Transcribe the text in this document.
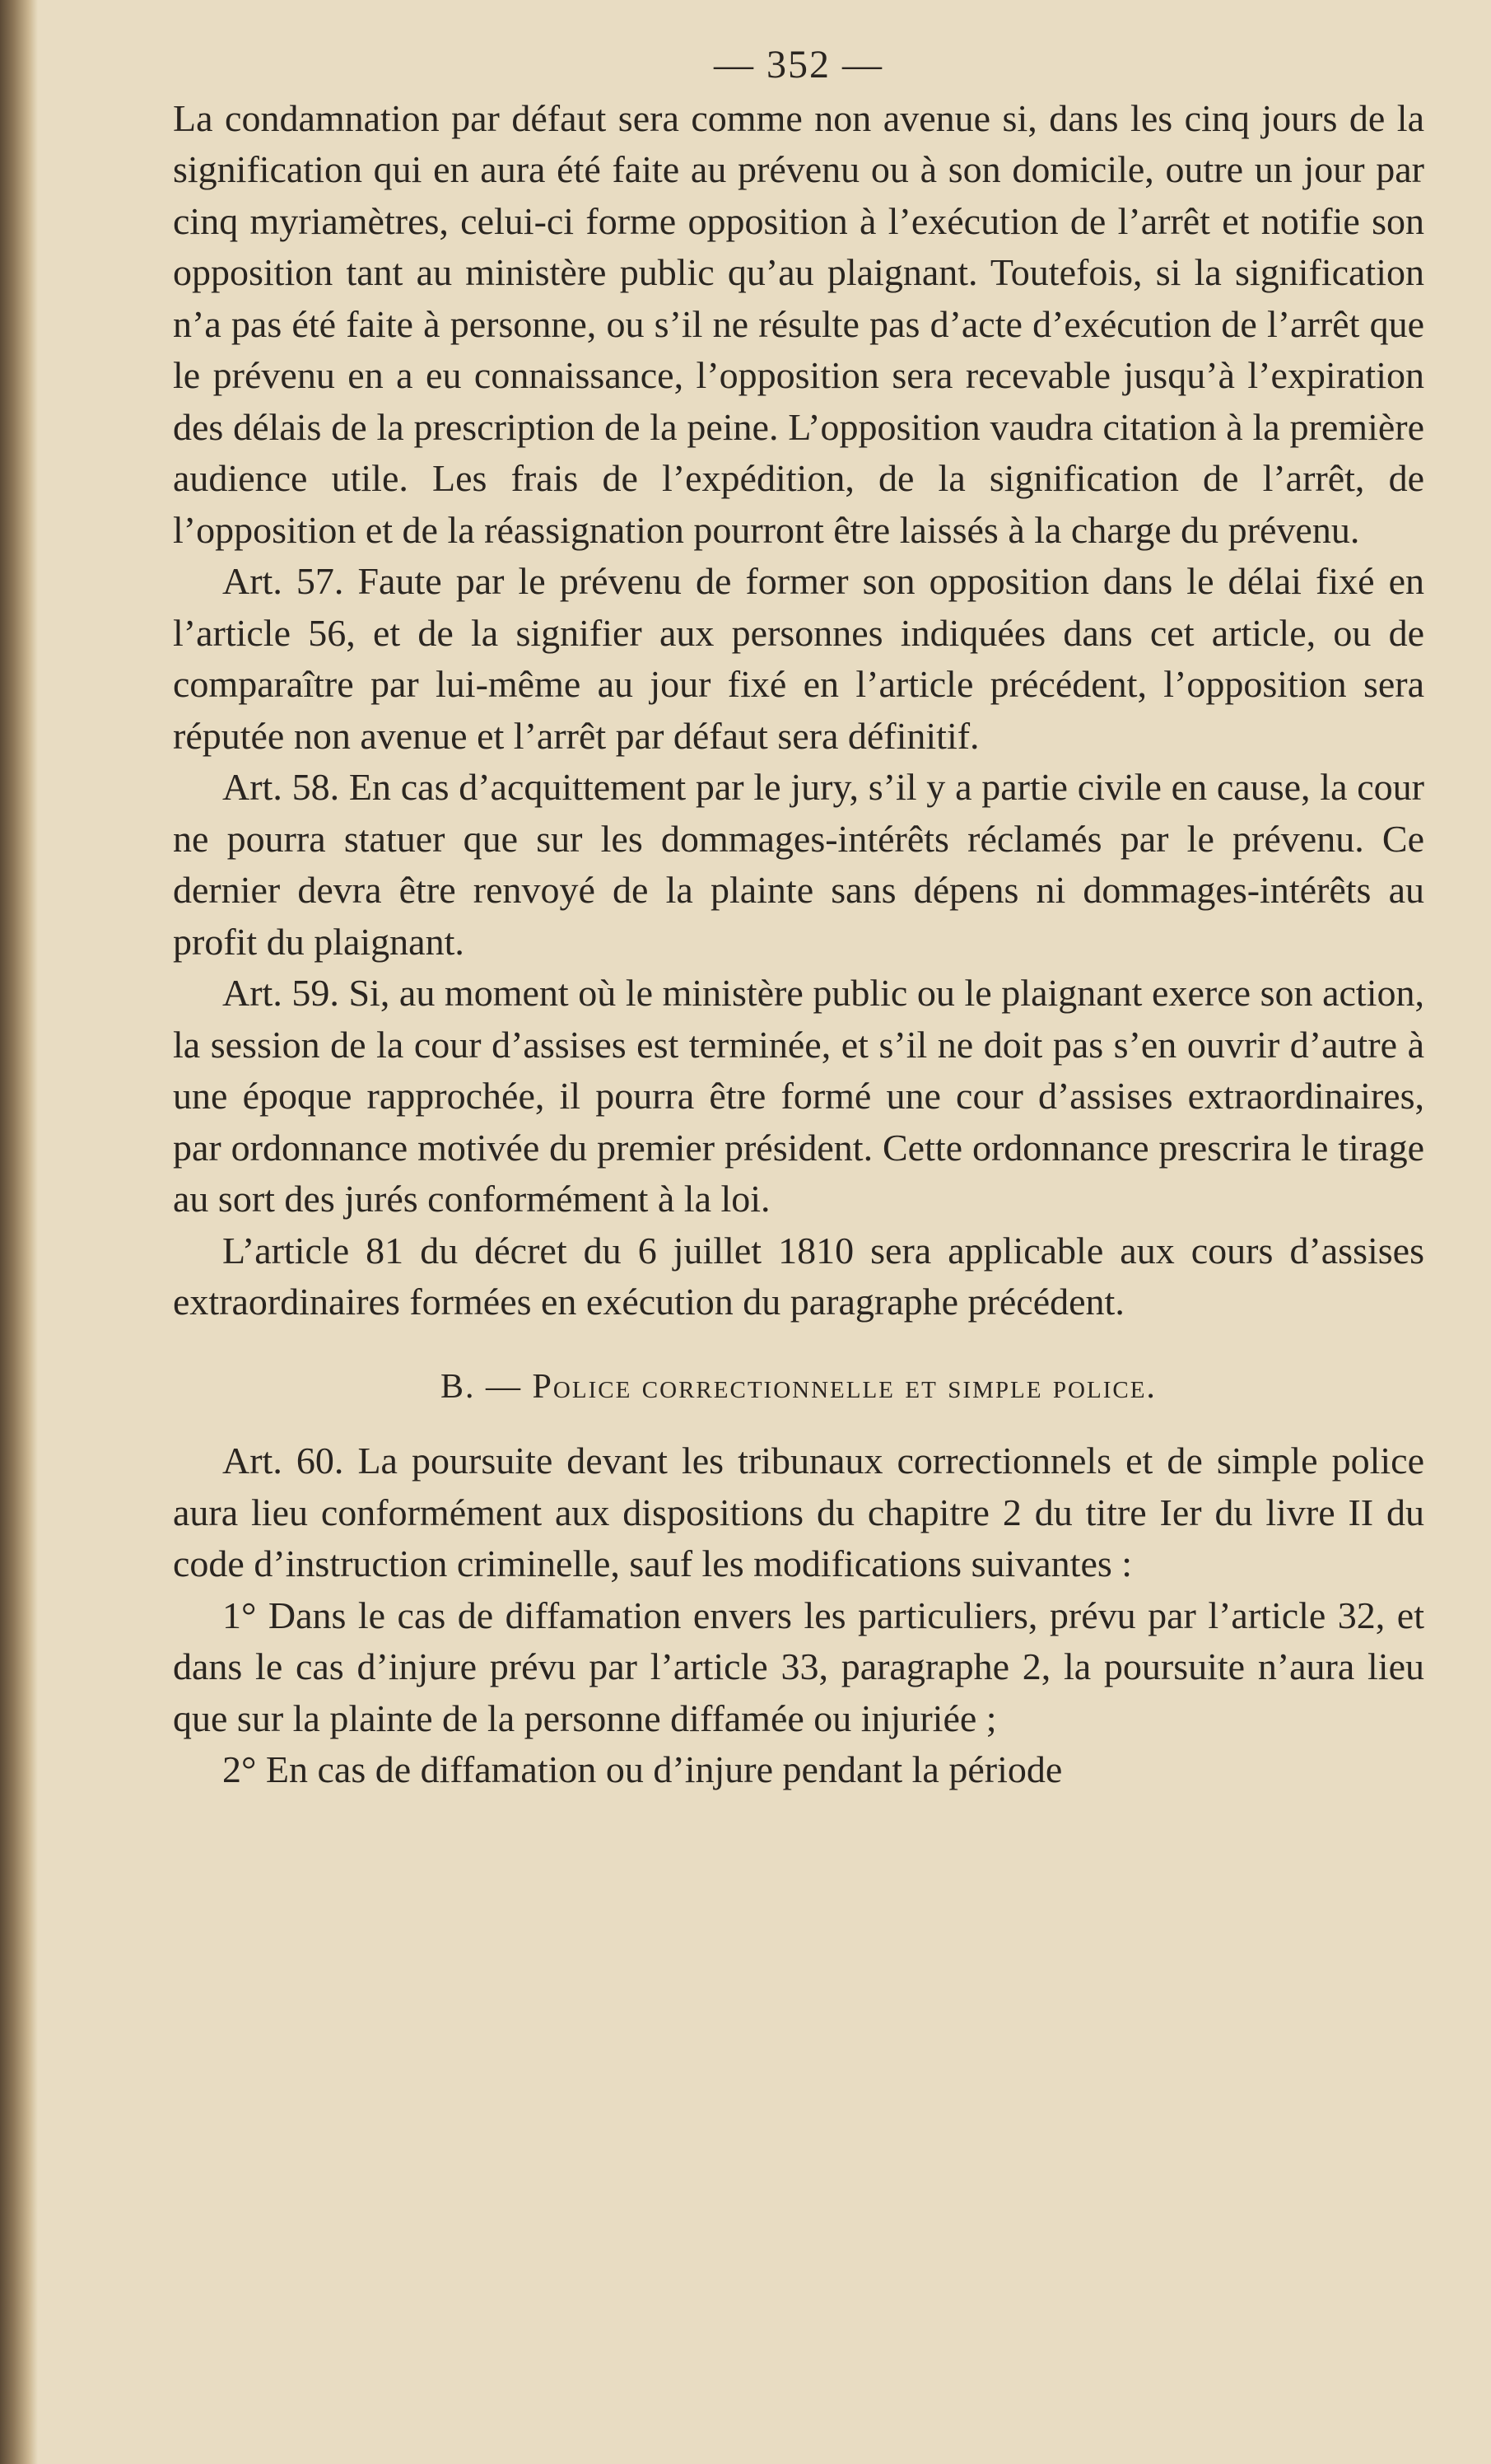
— 352 —

La condamnation par défaut sera comme non avenue si, dans les cinq jours de la signification qui en aura été faite au prévenu ou à son domicile, outre un jour par cinq myriamètres, celui-ci forme opposition à l’exécution de l’arrêt et notifie son opposition tant au ministère public qu’au plaignant. Toutefois, si la signification n’a pas été faite à personne, ou s’il ne résulte pas d’acte d’exécution de l’arrêt que le prévenu en a eu connaissance, l’opposition sera recevable jusqu’à l’expiration des délais de la prescription de la peine. L’opposition vaudra citation à la première audience utile. Les frais de l’expédition, de la signification de l’arrêt, de l’opposition et de la réassignation pourront être laissés à la charge du prévenu.

Art. 57. Faute par le prévenu de former son opposition dans le délai fixé en l’article 56, et de la signifier aux personnes indiquées dans cet article, ou de comparaître par lui-même au jour fixé en l’article précédent, l’opposition sera réputée non avenue et l’arrêt par défaut sera définitif.

Art. 58. En cas d’acquittement par le jury, s’il y a partie civile en cause, la cour ne pourra statuer que sur les dommages-intérêts réclamés par le prévenu. Ce dernier devra être renvoyé de la plainte sans dépens ni dommages-intérêts au profit du plaignant.

Art. 59. Si, au moment où le ministère public ou le plaignant exerce son action, la session de la cour d’assises est terminée, et s’il ne doit pas s’en ouvrir d’autre à une époque rapprochée, il pourra être formé une cour d’assises extraordinaires, par ordonnance motivée du premier président. Cette ordonnance prescrira le tirage au sort des jurés conformément à la loi.

L’article 81 du décret du 6 juillet 1810 sera applicable aux cours d’assises extraordinaires formées en exécution du paragraphe précédent.

B. — Police correctionnelle et simple police.

Art. 60. La poursuite devant les tribunaux correctionnels et de simple police aura lieu conformément aux dispositions du chapitre 2 du titre Ier du livre II du code d’instruction criminelle, sauf les modifications suivantes :

1° Dans le cas de diffamation envers les particuliers, prévu par l’article 32, et dans le cas d’injure prévu par l’article 33, paragraphe 2, la poursuite n’aura lieu que sur la plainte de la personne diffamée ou injuriée ;

2° En cas de diffamation ou d’injure pendant la période
